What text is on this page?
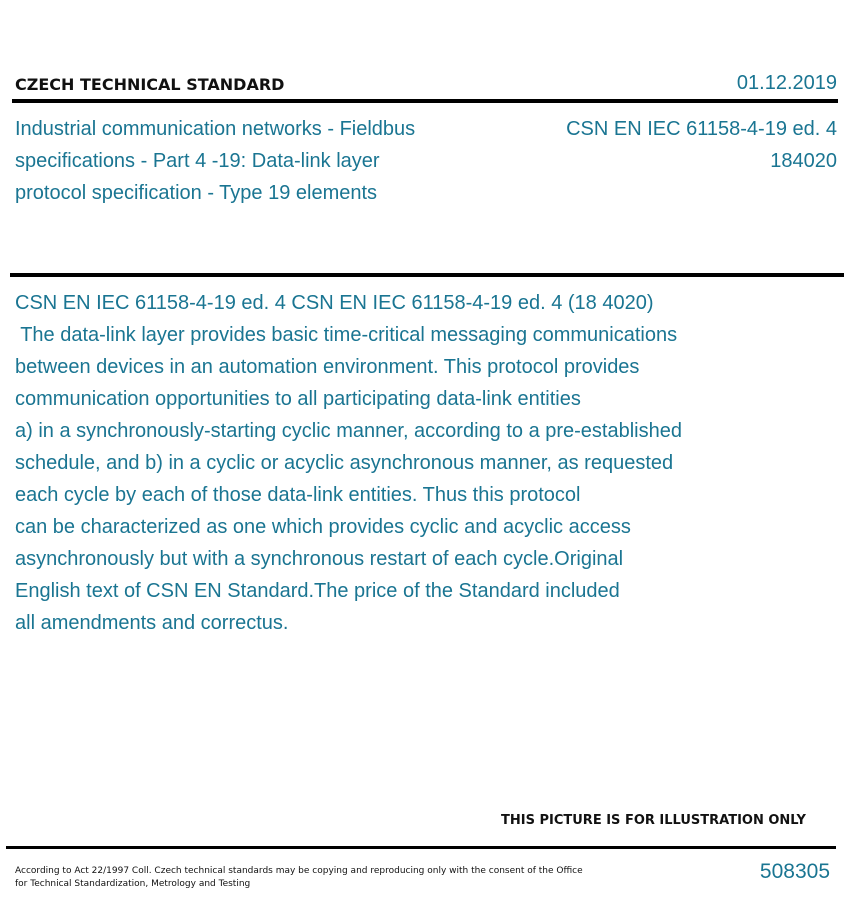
CZECH TECHNICAL STANDARD	01.12.2019
Industrial communication networks - Fieldbus
specifications - Part 4 -19: Data-link layer
protocol specification - Type 19 elements
CSN EN IEC 61158-4-19 ed. 4
184020
CSN EN IEC 61158-4-19 ed. 4 CSN EN IEC 61158-4-19 ed. 4 (18 4020)
The data-link layer provides basic time-critical messaging communications
between devices in an automation environment. This protocol provides
communication opportunities to all participating data-link entities
a) in a synchronously-starting cyclic manner, according to a pre-established
schedule, and b) in a cyclic or acyclic asynchronous manner, as requested
each cycle by each of those data-link entities. Thus this protocol
can be characterized as one which provides cyclic and acyclic access
asynchronously but with a synchronous restart of each cycle.Original
English text of CSN EN Standard.The price of the Standard included
all amendments and correctus.
THIS PICTURE IS FOR ILLUSTRATION ONLY
According to Act 22/1997 Coll. Czech technical standards may be copying and reproducing only with the consent of the Office
for Technical Standardization, Metrology and Testing
508305
